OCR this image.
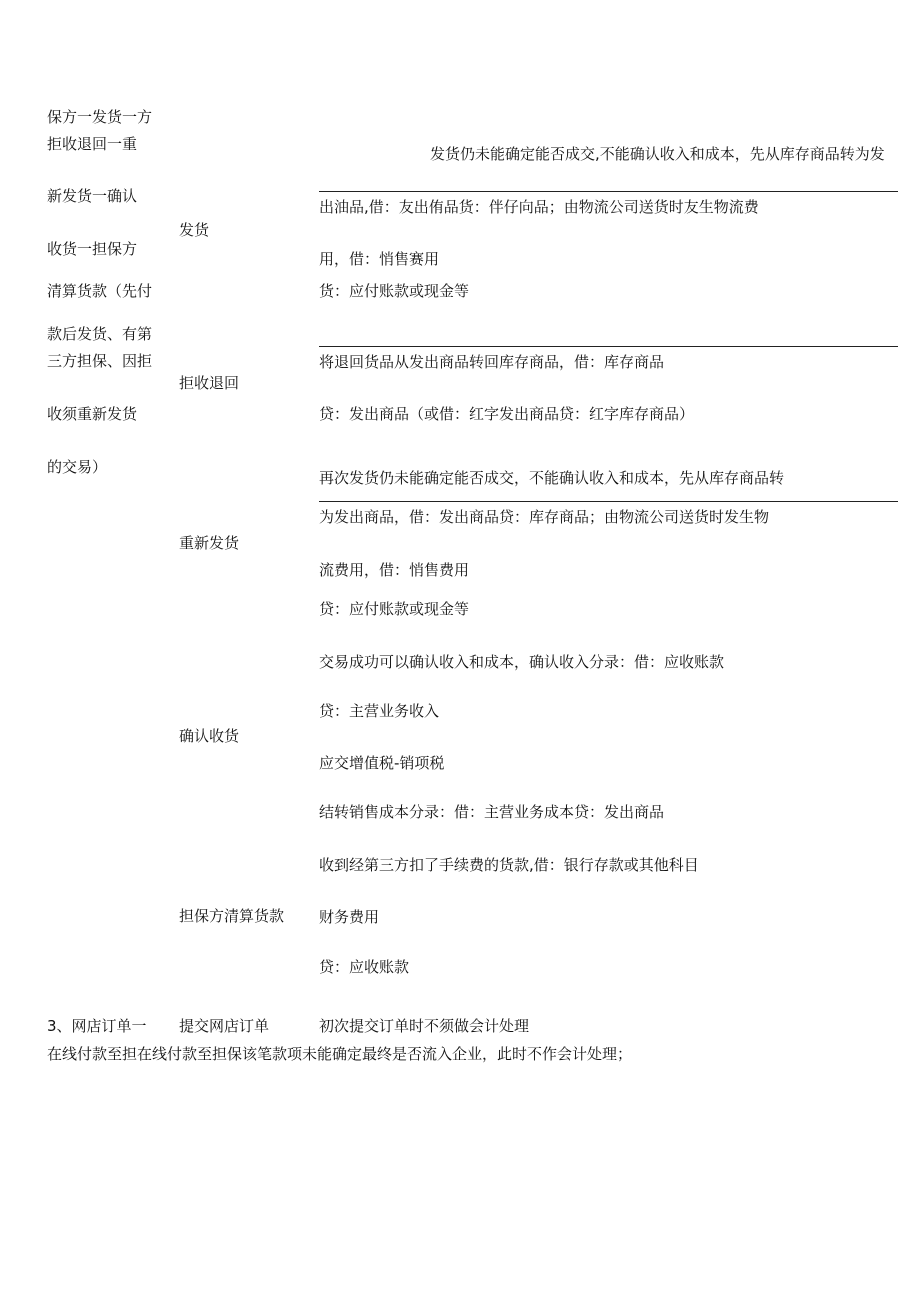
保方一发货一方
拒收退回一重
新发货一确认
收货一担保方
清算货款（先付
款后发货、有第
三方担保、因拒
收须重新发货
的交易）
发货
拒收退回
重新发货
确认收货
担保方清算货款
提交网店订单
发货仍未能确定能否成交,不能确认收入和成本，先从库存商品转为发
出油品,借：友出侑品货：伴仔向品；由物流公司送货时友生物流费
用，借：悄售赛用
货：应付账款或现金等
将退回货品从发出商品转回库存商品，借：库存商品
贷：发出商品（或借：红字发出商品贷：红字库存商品）
再次发货仍未能确定能否成交，不能确认收入和成本，先从库存商品转
为发出商品，借：发出商品贷：库存商品；由物流公司送货时发生物
流费用，借：悄售费用
贷：应付账款或现金等
交易成功可以确认收入和成本，确认收入分录：借：应收账款
贷：主营业务收入
应交增值税-销项税
结转销售成本分录：借：主营业务成本贷：发出商品
收到经第三方扣了手续费的货款,借：银行存款或其他科目
财务费用
贷：应收账款
3、网店订单一	初次提交订单时不须做会计处理
在线付款至担在线付款至担保该笔款项未能确定最终是否流入企业，此时不作会计处理；
